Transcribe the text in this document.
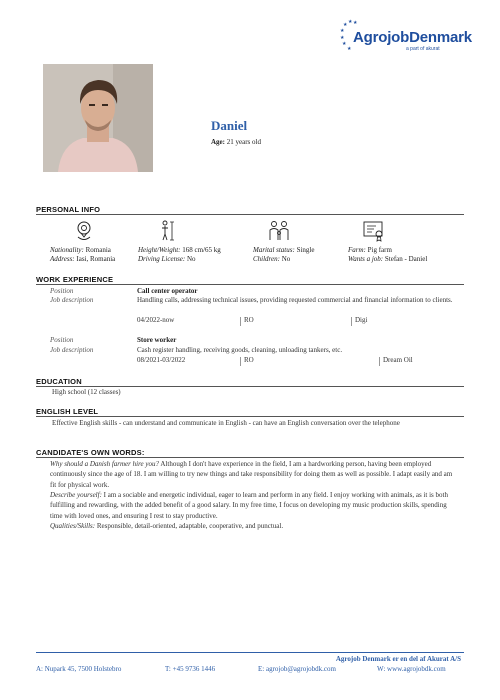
★
★
★
★
★
★
★
AgrojobDenmark
a part of akurat
Daniel
Age: 21 years old
PERSONAL INFO
Nationality: Romania
Address: Iasi, Romania
Height/Weight: 168 cm/65 kg
Driving License: No
Marital status: Single
Children: No
Farm: Pig farm
Wants a job: Stefan - Daniel
WORK EXPERIENCE
Position	Call center operator
Job description	Handling calls, addressing technical issues, providing requested commercial and financial information to clients.
04/2022-now	RO	Digi
Position	Store worker
Job description	Cash register handling, receiving goods, cleaning, unloading tankers, etc.
08/2021-03/2022	RO	Dream Oil
EDUCATION
High school (12 classes)
ENGLISH LEVEL
Effective English skills - can understand and communicate in English - can have an English conversation over the telephone
CANDIDATE'S OWN WORDS:
Why should a Danish farmer hire you? Although I don't have experience in the field, I am a hardworking person, having been employed continuously since the age of 18. I am willing to try new things and take responsibility for doing them as well as possible. I adapt easily and am fit for physical work.
Describe yourself: I am a sociable and energetic individual, eager to learn and perform in any field. I enjoy working with animals, as it is both fulfilling and rewarding, with the added benefit of a good salary. In my free time, I focus on developing my music production skills, spending time with loved ones, and ensuring I rest to stay productive.
Qualities/Skills: Responsible, detail-oriented, adaptable, cooperative, and punctual.
Agrojob Denmark er en del af Akurat A/S
A: Nupark 45, 7500 Holstebro	T: +45 9736 1446	E: agrojob@agrojobdk.com	W: www.agrojobdk.com
